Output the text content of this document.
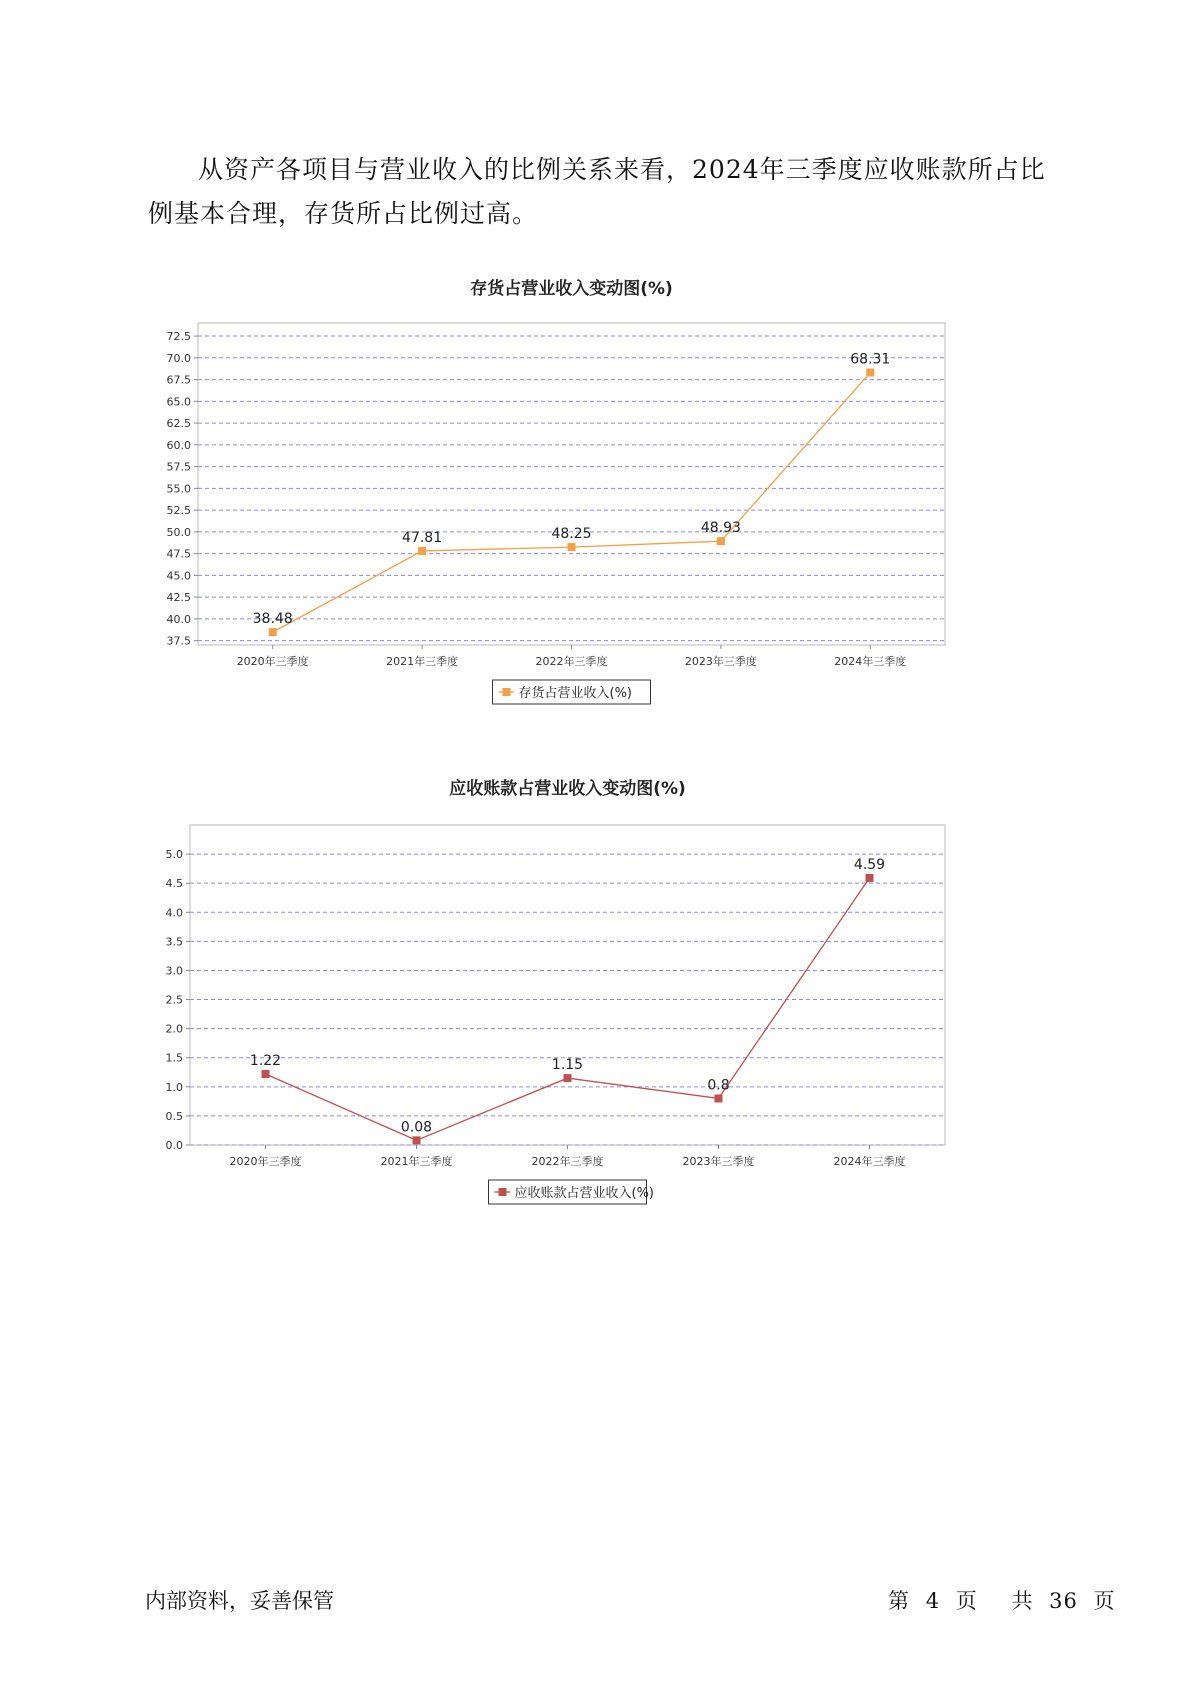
从资产各项目与营业收入的比例关系来看，2024年三季度应收账款所占比例基本合理，存货所占比例过高。

存货占营业收入变动图(%)
37.5
40.0
42.5
45.0
47.5
50.0
52.5
55.0
57.5
60.0
62.5
65.0
67.5
70.0
72.5
2020年三季度	2021年三季度	2022年三季度	2023年三季度	2024年三季度
38.48
47.81	48.25	48.93
68.31
存货占营业收入(%)
应收账款占营业收入变动图(%)
0.0
0.5
1.0
1.5
2.0
2.5
3.0
3.5
4.0
4.5
5.0
2020年三季度	2021年三季度	2022年三季度	2023年三季度	2024年三季度
1.22
0.08
1.15
0.8
4.59
应收账款占营业收入(%)
内部资料，妥善保管	第 4 页 共 36 页
